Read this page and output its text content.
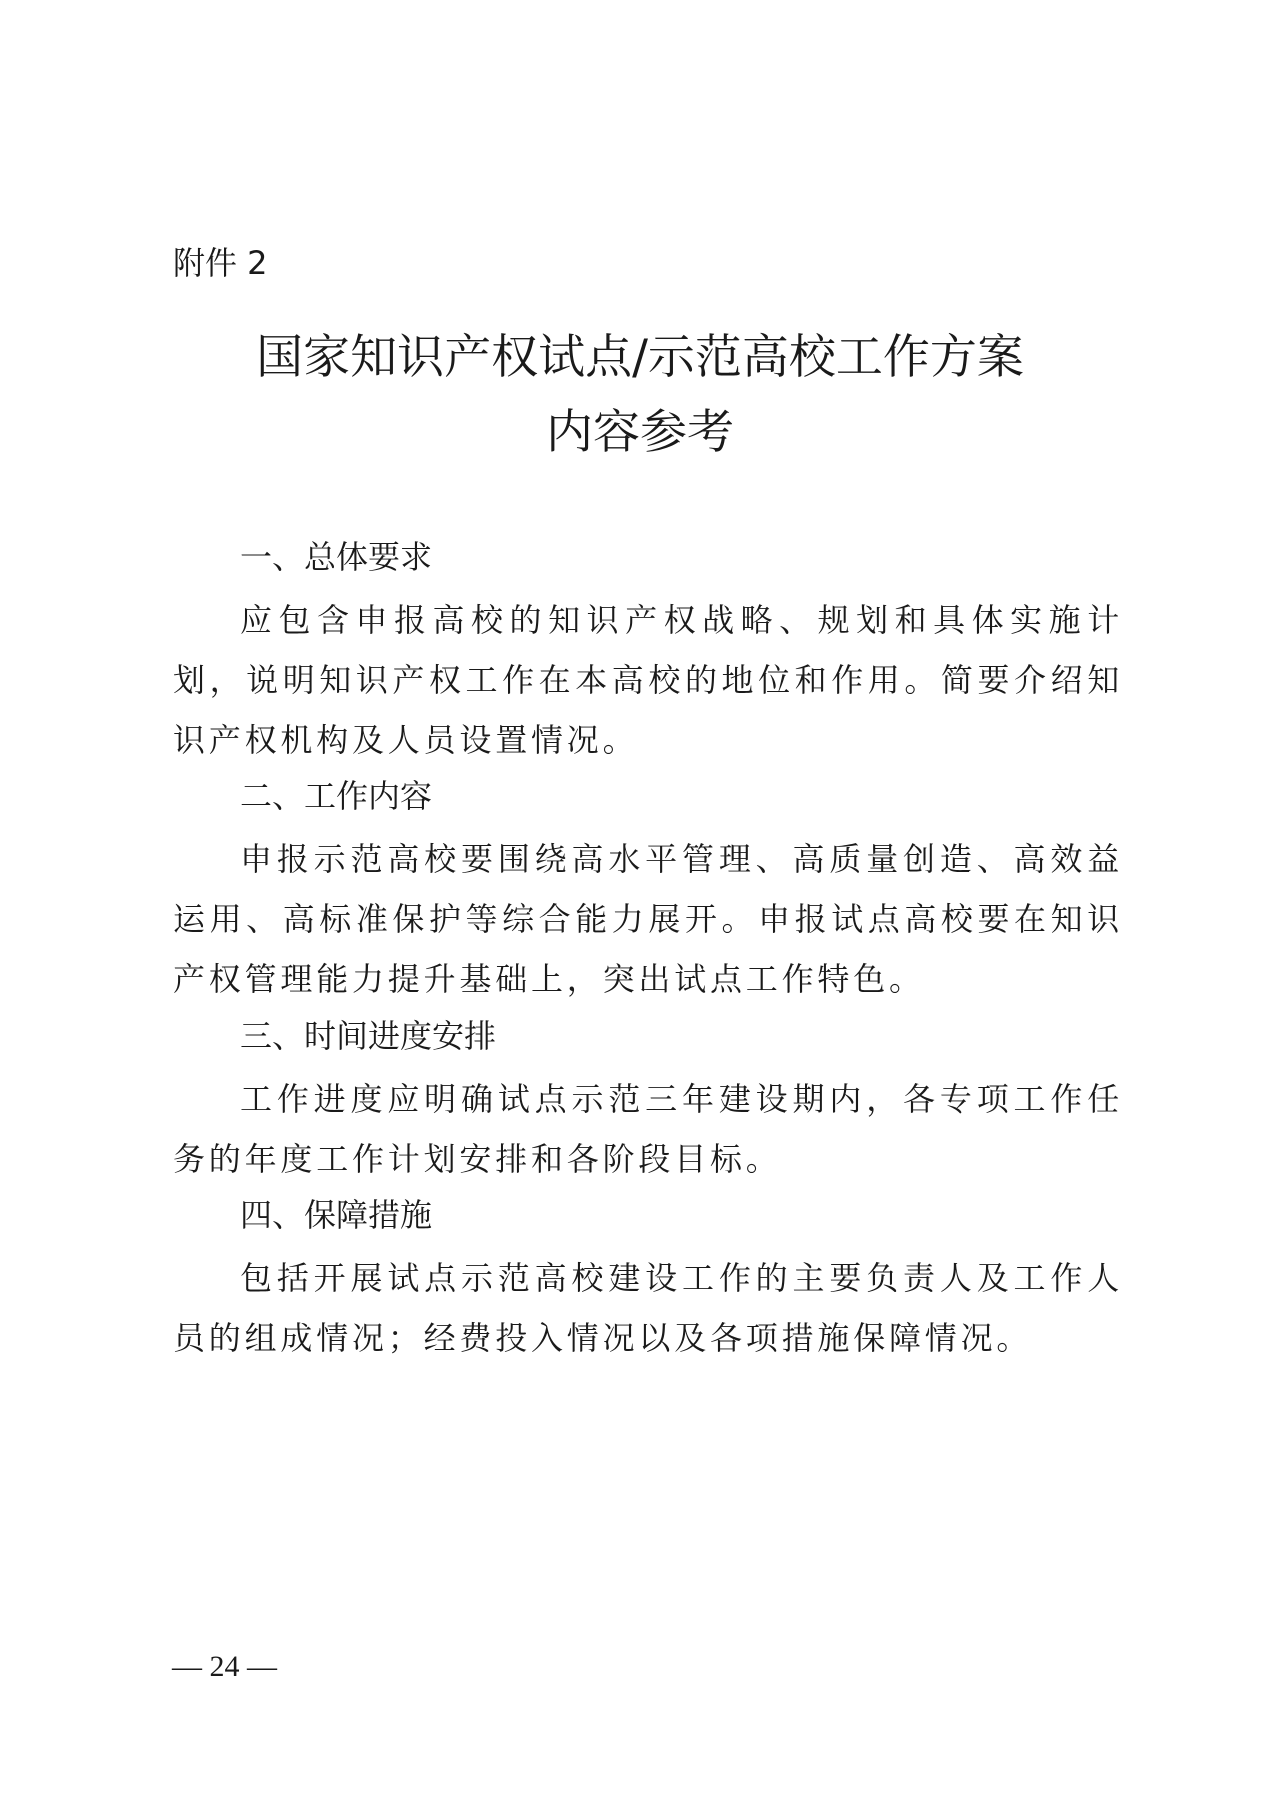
附件 2
国家知识产权试点/示范高校工作方案
内容参考
一、总体要求

应包含申报高校的知识产权战略、规划和具体实施计划，说明知识产权工作在本高校的地位和作用。简要介绍知识产权机构及人员设置情况。

二、工作内容

申报示范高校要围绕高水平管理、高质量创造、高效益运用、高标准保护等综合能力展开。申报试点高校要在知识产权管理能力提升基础上，突出试点工作特色。

三、时间进度安排

工作进度应明确试点示范三年建设期内，各专项工作任务的年度工作计划安排和各阶段目标。

四、保障措施

包括开展试点示范高校建设工作的主要负责人及工作人员的组成情况；经费投入情况以及各项措施保障情况。

— 24 —
